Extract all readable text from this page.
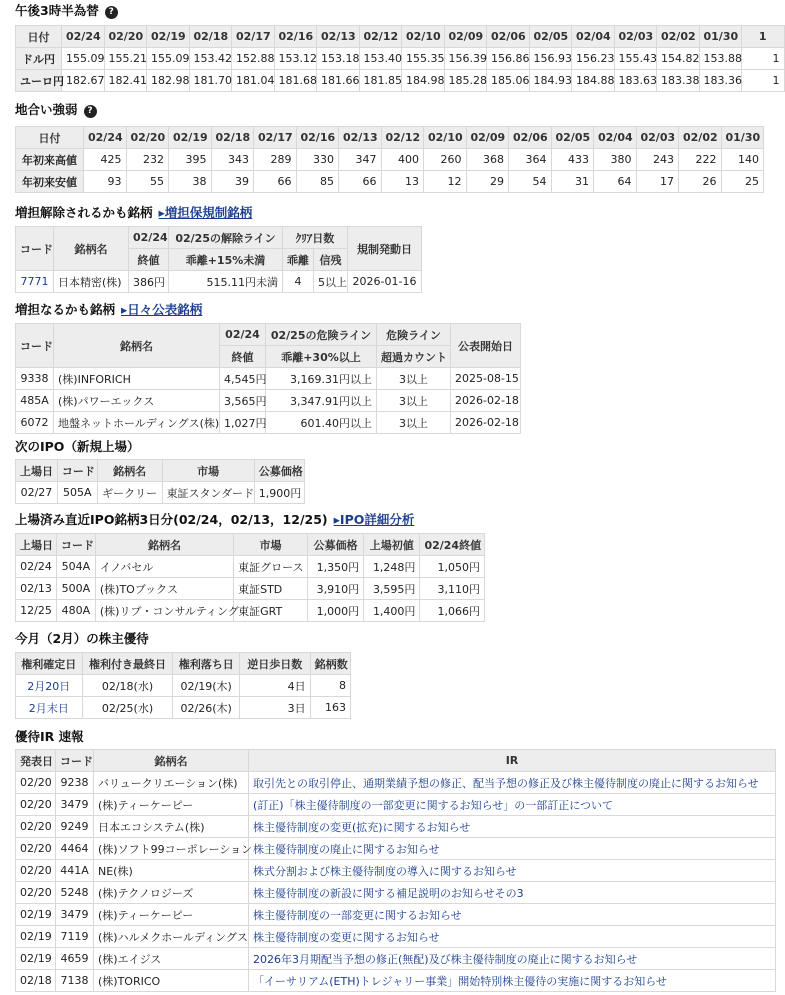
午後3時半為替 ?
日付	02/24	02/20	02/19	02/18	02/17	02/16	02/13	02/12	02/10	02/09	02/06	02/05	02/04	02/03	02/02	01/30	1
ドル円	155.09	155.21	155.09	153.42	152.88	153.12	153.18	153.40	155.35	156.39	156.86	156.93	156.23	155.43	154.82	153.88	1
ユーロ円	182.67	182.41	182.98	181.70	181.04	181.68	181.66	181.85	184.98	185.28	185.06	184.93	184.88	183.63	183.38	183.36	1
地合い強弱 ?
日付	02/24	02/20	02/19	02/18	02/17	02/16	02/13	02/12	02/10	02/09	02/06	02/05	02/04	02/03	02/02	01/30
年初来高値	425	232	395	343	289	330	347	400	260	368	364	433	380	243	222	140
年初来安値	93	55	38	39	66	85	66	13	12	29	54	31	64	17	26	25
増担解除されるかも銘柄 ▸増担保規制銘柄
コード	銘柄名	02/24	02/25の解除ライン	ｸﾘｱ日数		規制発動日
		終値	乖離+15%未満	乖離	信残	
7771	日本精密(株)	386円	515.11円未満	4	5以上	2026-01-16
増担なるかも銘柄 ▸日々公表銘柄
コード	銘柄名	02/24	02/25の危険ライン	危険ライン	公表開始日
		終値	乖離+30%以上	超過カウント	
9338	(株)INFORICH	4,545円	3,169.31円以上	3以上	2025-08-15
485A	(株)パワーエックス	3,565円	3,347.91円以上	3以上	2026-02-18
6072	地盤ネットホールディングス(株)	1,027円	601.40円以上	3以上	2026-02-18
次のIPO（新規上場）
上場日	コード	銘柄名	市場	公募価格
02/27	505A	ギークリー	東証スタンダード	1,900円
上場済み直近IPO銘柄3日分(02/24，02/13，12/25) ▸IPO詳細分析
上場日	コード	銘柄名	市場	公募価格	上場初値	02/24終値
02/24	504A	イノバセル	東証グロース	1,350円	1,248円	1,050円
02/13	500A	(株)TOブックス	東証STD	3,910円	3,595円	3,110円
12/25	480A	(株)リブ・コンサルティング	東証GRT	1,000円	1,400円	1,066円
今月（2月）の株主優待
権利確定日	権利付き最終日	権利落ち日	逆日歩日数	銘柄数
2月20日	02/18(水)	02/19(木)	4日	8
2月末日	02/25(水)	02/26(木)	3日	163
優待IR 速報
発表日	コード	銘柄名	IR
02/20	9238	バリュークリエーション(株)	取引先との取引停止、通期業績予想の修正、配当予想の修正及び株主優待制度の廃止に関するお知らせ
02/20	3479	(株)ティーケーピー	(訂正)「株主優待制度の一部変更に関するお知らせ」の一部訂正について
02/20	9249	日本エコシステム(株)	株主優待制度の変更(拡充)に関するお知らせ
02/20	4464	(株)ソフト99コーポレーション	株主優待制度の廃止に関するお知らせ
02/20	441A	NE(株)	株式分割および株主優待制度の導入に関するお知らせ
02/20	5248	(株)テクノロジーズ	株主優待制度の新設に関する補足説明のお知らせその3
02/19	3479	(株)ティーケーピー	株主優待制度の一部変更に関するお知らせ
02/19	7119	(株)ハルメクホールディングス	株主優待制度の変更に関するお知らせ
02/19	4659	(株)エイジス	2026年3月期配当予想の修正(無配)及び株主優待制度の廃止に関するお知らせ
02/18	7138	(株)TORICO	「イーサリアム(ETH)トレジャリー事業」開始特別株主優待の実施に関するお知らせ
